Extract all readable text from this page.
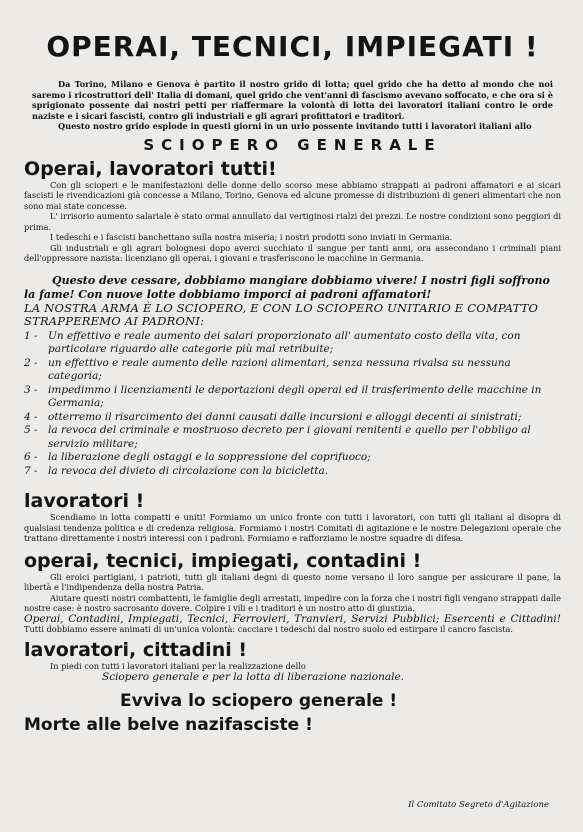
OPERAI, TECNICI, IMPIEGATI !

Da Torino, Milano e Genova è partito il nostro grido di lotta; quel grido che ha detto al mondo che noi saremo i ricostruttori dell' Italia di domani, quel grido che vent'anni di fascismo avevano soffocato, e che ora si è sprigionato possente dai nostri petti per riaffermare la volontà di lotta dei lavoratori italiani contro le orde naziste e i sicari fascisti, contro gli industriali e gli agrari profittatori e traditori.

Questo nostro grido esplode in questi giorni in un urlo possente invitando tutti i lavoratori italiani allo

SCIOPERO GENERALE
Operai, lavoratori tutti!

Con gli scioperi e le manifestazioni delle donne dello scorso mese abbiamo strappati ai padroni affamatori e ai sicari fascisti le rivendicazioni già concesse a Milano, Torino, Genova ed alcune promesse di distribuzioni di generi alimentari che non sono mai state concesse.

L' irrisorio aumento salariale è stato ormai annullato dai vertiginosi rialzi dei prezzi. Le nostre condizioni sono peggiori di prima.

I tedeschi e i fascisti banchettano sulla nostra miseria; i nostri prodotti sono inviati in Germania.

Gli industriali e gli agrari bolognesi dopo averci succhiato il sangue per tanti anni, ora assecondano i criminali piani dell'oppressore nazista: licenziano gli operai, i giovani e trasferiscono le macchine in Germania.

Questo deve cessare, dobbiamo mangiare dobbiamo vivere! I nostri figli soffrono la fame! Con nuove lotte dobbiamo imporci ai padroni affamatori!

LA NOSTRA ARMA È LO SCIOPERO, E CON LO SCIOPERO UNITARIO E COMPATTO STRAPPEREMO AI PADRONI:

1 - Un effettivo e reale aumento dei salari proporzionato all' aumentato costo della vita, con particolare riguardo alle categorie più mal retribuite;
2 - un effettivo e reale aumento delle razioni alimentari, senza nessuna rivalsa su nessuna categoria;
3 - impedimmo i licenziamenti le deportazioni degli operai ed il trasferimento delle macchine in Germania;
4 - otterremo il risarcimento dei danni causati dalle incursioni e alloggi decenti ai sinistrati;
5 - la revoca del criminale e mostruoso decreto per i giovani renitenti e quello per l'obbligo al servizio militare;
6 - la liberazione degli ostaggi e la soppressione del coprifuoco;
7 - la revoca del divieto di circolazione con la bicicletta.
lavoratori !

Scendiamo in lotta compatti e uniti! Formiamo un unico fronte con tutti i lavoratori, con tutti gli italiani al disopra di qualsiasi tendenza politica e di credenza religiosa. Formiamo i nostri Comitati di agitazione e le nostre Delegazioni operaie che trattano direttamente i nostri interessi con i padroni. Formiamo e rafforziamo le nostre squadre di difesa.

operai, tecnici, impiegati, contadini !

Gli eroici partigiani, i patrioti, tutti gli italiani degni di questo nome versano il loro sangue per assicurare il pane, la libertà e l'indipendenza della nostra Patria.

Aiutare questi nostri combattenti, le famiglie degli arrestati, impedire con la forza che i nostri figli vengano strappati dalle nostre case: è nostro sacrosanto dovere. Colpire i vili e i traditori è un nostro atto di giustizia.

Operai, Contadini, Impiegati, Tecnici, Ferrovieri, Tranvieri, Servizi Pubblici; Esercenti e Cittadini! Tutti dobbiamo essere animati di un'unica volontà: cacciare i tedeschi dal nostro suolo ed estirpare il cancro fascista.

lavoratori, cittadini !

In piedi con tutti i lavoratori italiani per la realizzazione dello

Sciopero generale e per la lotta di liberazione nazionale.

Evviva lo sciopero generale !
Morte alle belve nazifasciste !
Il Comitato Segreto d'Agitazione
